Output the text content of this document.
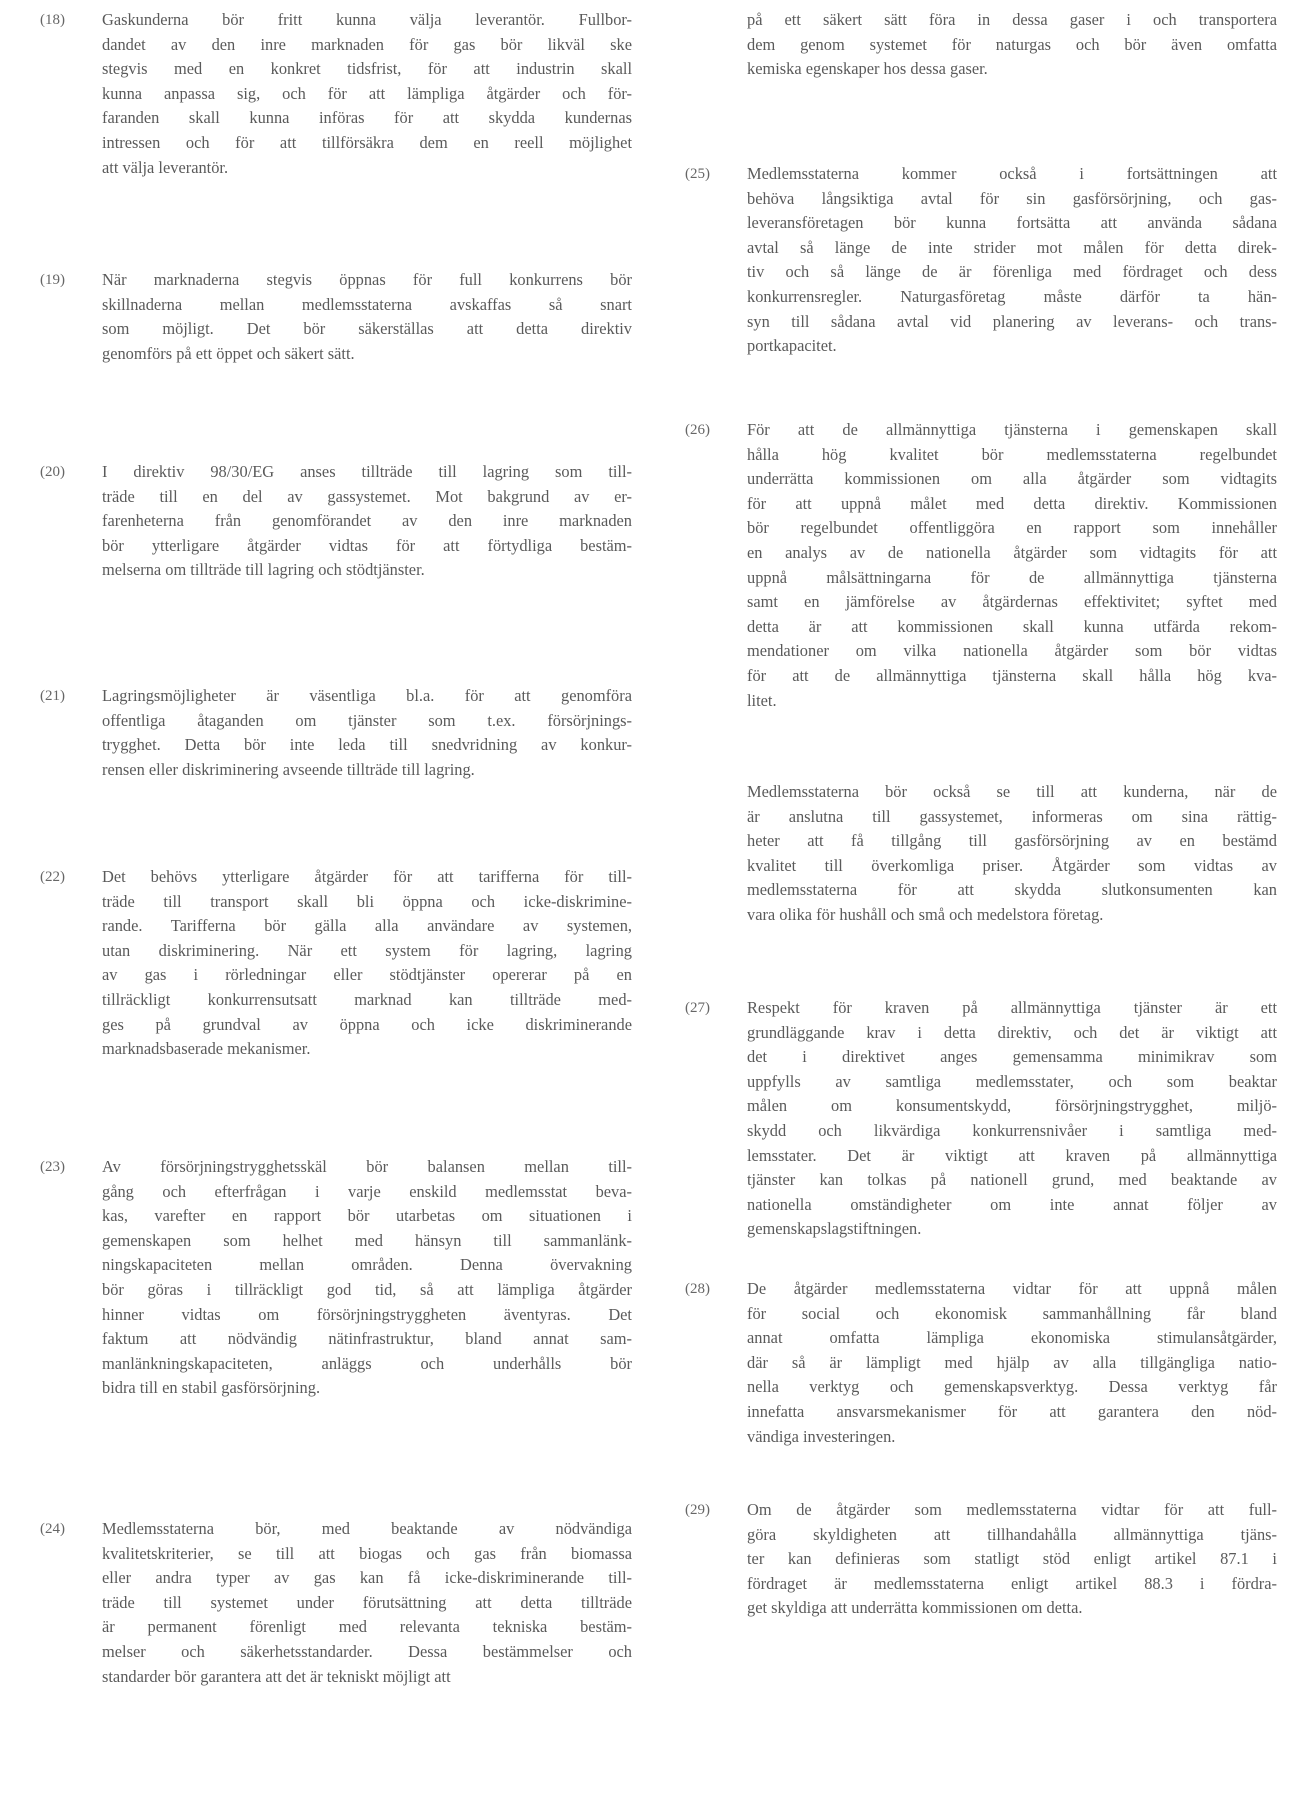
(18)	Gaskunderna bör fritt kunna välja leverantör. Fullbor-
dandet av den inre marknaden för gas bör likväl ske
stegvis med en konkret tidsfrist, för att industrin skall
kunna anpassa sig, och för att lämpliga åtgärder och för-
faranden skall kunna införas för att skydda kundernas
intressen och för att tillförsäkra dem en reell möjlighet
att välja leverantör.
(19)	När marknaderna stegvis öppnas för full konkurrens bör
skillnaderna mellan medlemsstaterna avskaffas så snart
som möjligt. Det bör säkerställas att detta direktiv
genomförs på ett öppet och säkert sätt.
(20)	I direktiv 98/30/EG anses tillträde till lagring som till-
träde till en del av gassystemet. Mot bakgrund av er-
farenheterna från genomförandet av den inre marknaden
bör ytterligare åtgärder vidtas för att förtydliga bestäm-
melserna om tillträde till lagring och stödtjänster.
(21)	Lagringsmöjligheter är väsentliga bl.a. för att genomföra
offentliga åtaganden om tjänster som t.ex. försörjnings-
trygghet. Detta bör inte leda till snedvridning av konkur-
rensen eller diskriminering avseende tillträde till lagring.
(22)	Det behövs ytterligare åtgärder för att tarifferna för till-
träde till transport skall bli öppna och icke-diskrimine-
rande. Tarifferna bör gälla alla användare av systemen,
utan diskriminering. När ett system för lagring, lagring
av gas i rörledningar eller stödtjänster opererar på en
tillräckligt konkurrensutsatt marknad kan tillträde med-
ges på grundval av öppna och icke diskriminerande
marknadsbaserade mekanismer.
(23)	Av försörjningstrygghetsskäl bör balansen mellan till-
gång och efterfrågan i varje enskild medlemsstat beva-
kas, varefter en rapport bör utarbetas om situationen i
gemenskapen som helhet med hänsyn till sammanlänk-
ningskapaciteten mellan områden. Denna övervakning
bör göras i tillräckligt god tid, så att lämpliga åtgärder
hinner vidtas om försörjningstryggheten äventyras. Det
faktum att nödvändig nätinfrastruktur, bland annat sam-
manlänkningskapaciteten, anläggs och underhålls bör
bidra till en stabil gasförsörjning.
(24)	Medlemsstaterna bör, med beaktande av nödvändiga
kvalitetskriterier, se till att biogas och gas från biomassa
eller andra typer av gas kan få icke-diskriminerande till-
träde till systemet under förutsättning att detta tillträde
är permanent förenligt med relevanta tekniska bestäm-
melser och säkerhetsstandarder. Dessa bestämmelser och
standarder bör garantera att det är tekniskt möjligt att
på ett säkert sätt föra in dessa gaser i och transportera
dem genom systemet för naturgas och bör även omfatta
kemiska egenskaper hos dessa gaser.
(25)	Medlemsstaterna kommer också i fortsättningen att
behöva långsiktiga avtal för sin gasförsörjning, och gas-
leveransföretagen bör kunna fortsätta att använda sådana
avtal så länge de inte strider mot målen för detta direk-
tiv och så länge de är förenliga med fördraget och dess
konkurrensregler. Naturgasföretag måste därför ta hän-
syn till sådana avtal vid planering av leverans- och trans-
portkapacitet.
(26)	För att de allmännyttiga tjänsterna i gemenskapen skall
hålla hög kvalitet bör medlemsstaterna regelbundet
underrätta kommissionen om alla åtgärder som vidtagits
för att uppnå målet med detta direktiv. Kommissionen
bör regelbundet offentliggöra en rapport som innehåller
en analys av de nationella åtgärder som vidtagits för att
uppnå målsättningarna för de allmännyttiga tjänsterna
samt en jämförelse av åtgärdernas effektivitet; syftet med
detta är att kommissionen skall kunna utfärda rekom-
mendationer om vilka nationella åtgärder som bör vidtas
för att de allmännyttiga tjänsterna skall hålla hög kva-
litet.
Medlemsstaterna bör också se till att kunderna, när de
är anslutna till gassystemet, informeras om sina rättig-
heter att få tillgång till gasförsörjning av en bestämd
kvalitet till överkomliga priser. Åtgärder som vidtas av
medlemsstaterna för att skydda slutkonsumenten kan
vara olika för hushåll och små och medelstora företag.
(27)	Respekt för kraven på allmännyttiga tjänster är ett
grundläggande krav i detta direktiv, och det är viktigt att
det i direktivet anges gemensamma minimikrav som
uppfylls av samtliga medlemsstater, och som beaktar
målen om konsumentskydd, försörjningstrygghet, miljö-
skydd och likvärdiga konkurrensnivåer i samtliga med-
lemsstater. Det är viktigt att kraven på allmännyttiga
tjänster kan tolkas på nationell grund, med beaktande av
nationella omständigheter om inte annat följer av
gemenskapslagstiftningen.
(28)	De åtgärder medlemsstaterna vidtar för att uppnå målen
för social och ekonomisk sammanhållning får bland
annat omfatta lämpliga ekonomiska stimulansåtgärder,
där så är lämpligt med hjälp av alla tillgängliga natio-
nella verktyg och gemenskapsverktyg. Dessa verktyg får
innefatta ansvarsmekanismer för att garantera den nöd-
vändiga investeringen.
(29)	Om de åtgärder som medlemsstaterna vidtar för att full-
göra skyldigheten att tillhandahålla allmännyttiga tjäns-
ter kan definieras som statligt stöd enligt artikel 87.1 i
fördraget är medlemsstaterna enligt artikel 88.3 i fördra-
get skyldiga att underrätta kommissionen om detta.
